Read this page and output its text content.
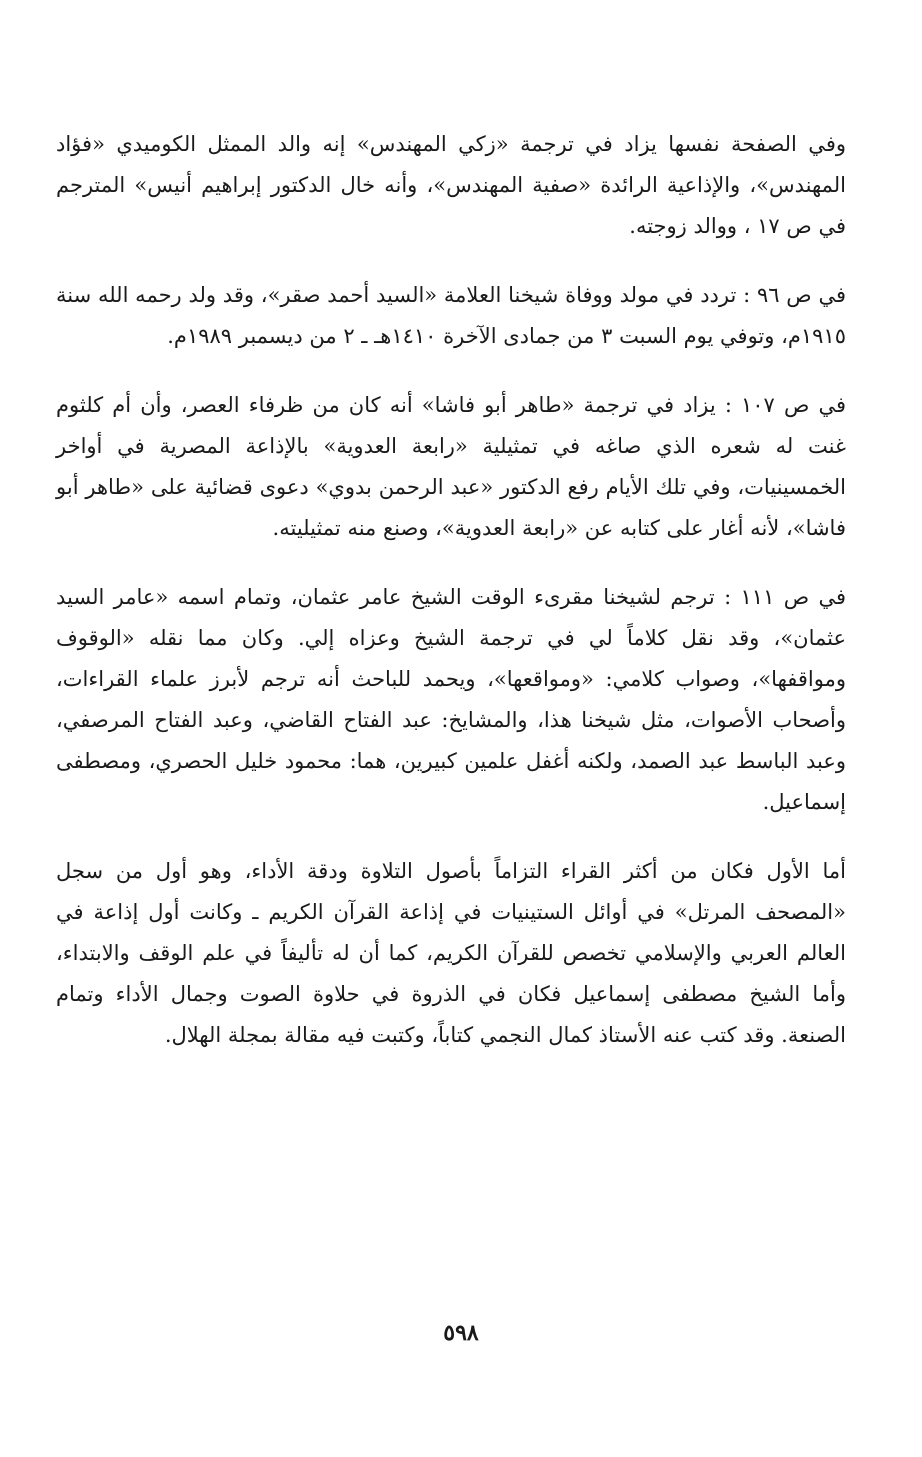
وفي الصفحة نفسها يزاد في ترجمة «زكي المهندس» إنه والد الممثل الكوميدي «فؤاد المهندس»، والإذاعية الرائدة «صفية المهندس»، وأنه خال الدكتور إبراهيم أنيس» المترجم في ص ١٧ ، ووالد زوجته.

في ص ٩٦ : تردد في مولد ووفاة شيخنا العلامة «السيد أحمد صقر»، وقد ولد رحمه الله سنة ١٩١٥م، وتوفي يوم السبت ٣ من جمادى الآخرة ١٤١٠هـ ـ ٢ من ديسمبر ١٩٨٩م.

في ص ١٠٧ : يزاد في ترجمة «طاهر أبو فاشا» أنه كان من ظرفاء العصر، وأن أم كلثوم غنت له شعره الذي صاغه في تمثيلية «رابعة العدوية» بالإذاعة المصرية في أواخر الخمسينيات، وفي تلك الأيام رفع الدكتور «عبد الرحمن بدوي» دعوى قضائية على «طاهر أبو فاشا»، لأنه أغار على كتابه عن «رابعة العدوية»، وصنع منه تمثيليته.

في ص ١١١ : ترجم لشيخنا مقرىء الوقت الشيخ عامر عثمان، وتمام اسمه «عامر السيد عثمان»، وقد نقل كلاماً لي في ترجمة الشيخ وعزاه إلي. وكان مما نقله «الوقوف ومواقفها»، وصواب كلامي: «ومواقعها»، ويحمد للباحث أنه ترجم لأبرز علماء القراءات، وأصحاب الأصوات، مثل شيخنا هذا، والمشايخ: عبد الفتاح القاضي، وعبد الفتاح المرصفي، وعبد الباسط عبد الصمد، ولكنه أغفل علمين كبيرين، هما: محمود خليل الحصري، ومصطفى إسماعيل.

أما الأول فكان من أكثر القراء التزاماً بأصول التلاوة ودقة الأداء، وهو أول من سجل «المصحف المرتل» في أوائل الستينيات في إذاعة القرآن الكريم ـ وكانت أول إذاعة في العالم العربي والإسلامي تخصص للقرآن الكريم، كما أن له تأليفاً في علم الوقف والابتداء، وأما الشيخ مصطفى إسماعيل فكان في الذروة في حلاوة الصوت وجمال الأداء وتمام الصنعة. وقد كتب عنه الأستاذ كمال النجمي كتاباً، وكتبت فيه مقالة بمجلة الهلال.

٥٩٨
